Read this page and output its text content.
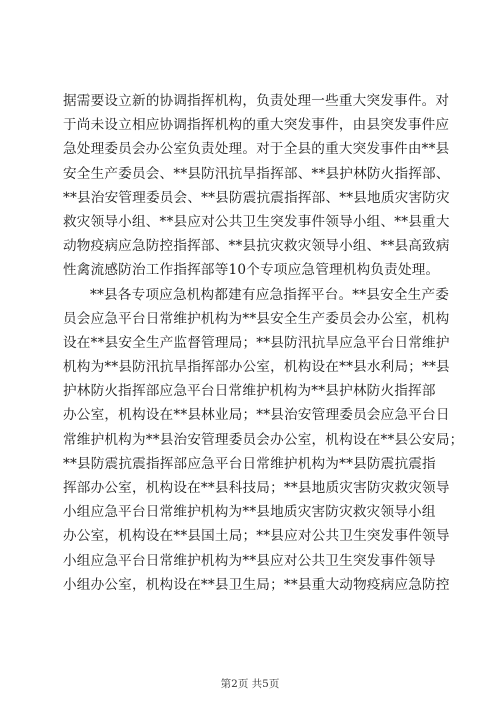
据需要设立新的协调指挥机构，负责处理一些重大突发事件。对
于尚未设立相应协调指挥机构的重大突发事件，由县突发事件应
急处理委员会办公室负责处理。对于全县的重大突发事件由**县
安全生产委员会、**县防汛抗旱指挥部、**县护林防火指挥部、
**县治安管理委员会、**县防震抗震指挥部、**县地质灾害防灾
救灾领导小组、**县应对公共卫生突发事件领导小组、**县重大
动物疫病应急防控指挥部、**县抗灾救灾领导小组、**县高致病
性禽流感防治工作指挥部等10个专项应急管理机构负责处理。
**县各专项应急机构都建有应急指挥平台。**县安全生产委
员会应急平台日常维护机构为**县安全生产委员会办公室，机构
设在**县安全生产监督管理局；**县防汛抗旱应急平台日常维护
机构为**县防汛抗旱指挥部办公室，机构设在**县水利局；**县
护林防火指挥部应急平台日常维护机构为**县护林防火指挥部
办公室，机构设在**县林业局；**县治安管理委员会应急平台日
常维护机构为**县治安管理委员会办公室，机构设在**县公安局；
**县防震抗震指挥部应急平台日常维护机构为**县防震抗震指
挥部办公室，机构设在**县科技局；**县地质灾害防灾救灾领导
小组应急平台日常维护机构为**县地质灾害防灾救灾领导小组
办公室，机构设在**县国土局；**县应对公共卫生突发事件领导
小组应急平台日常维护机构为**县应对公共卫生突发事件领导
小组办公室，机构设在**县卫生局；**县重大动物疫病应急防控
第2页 共5页
